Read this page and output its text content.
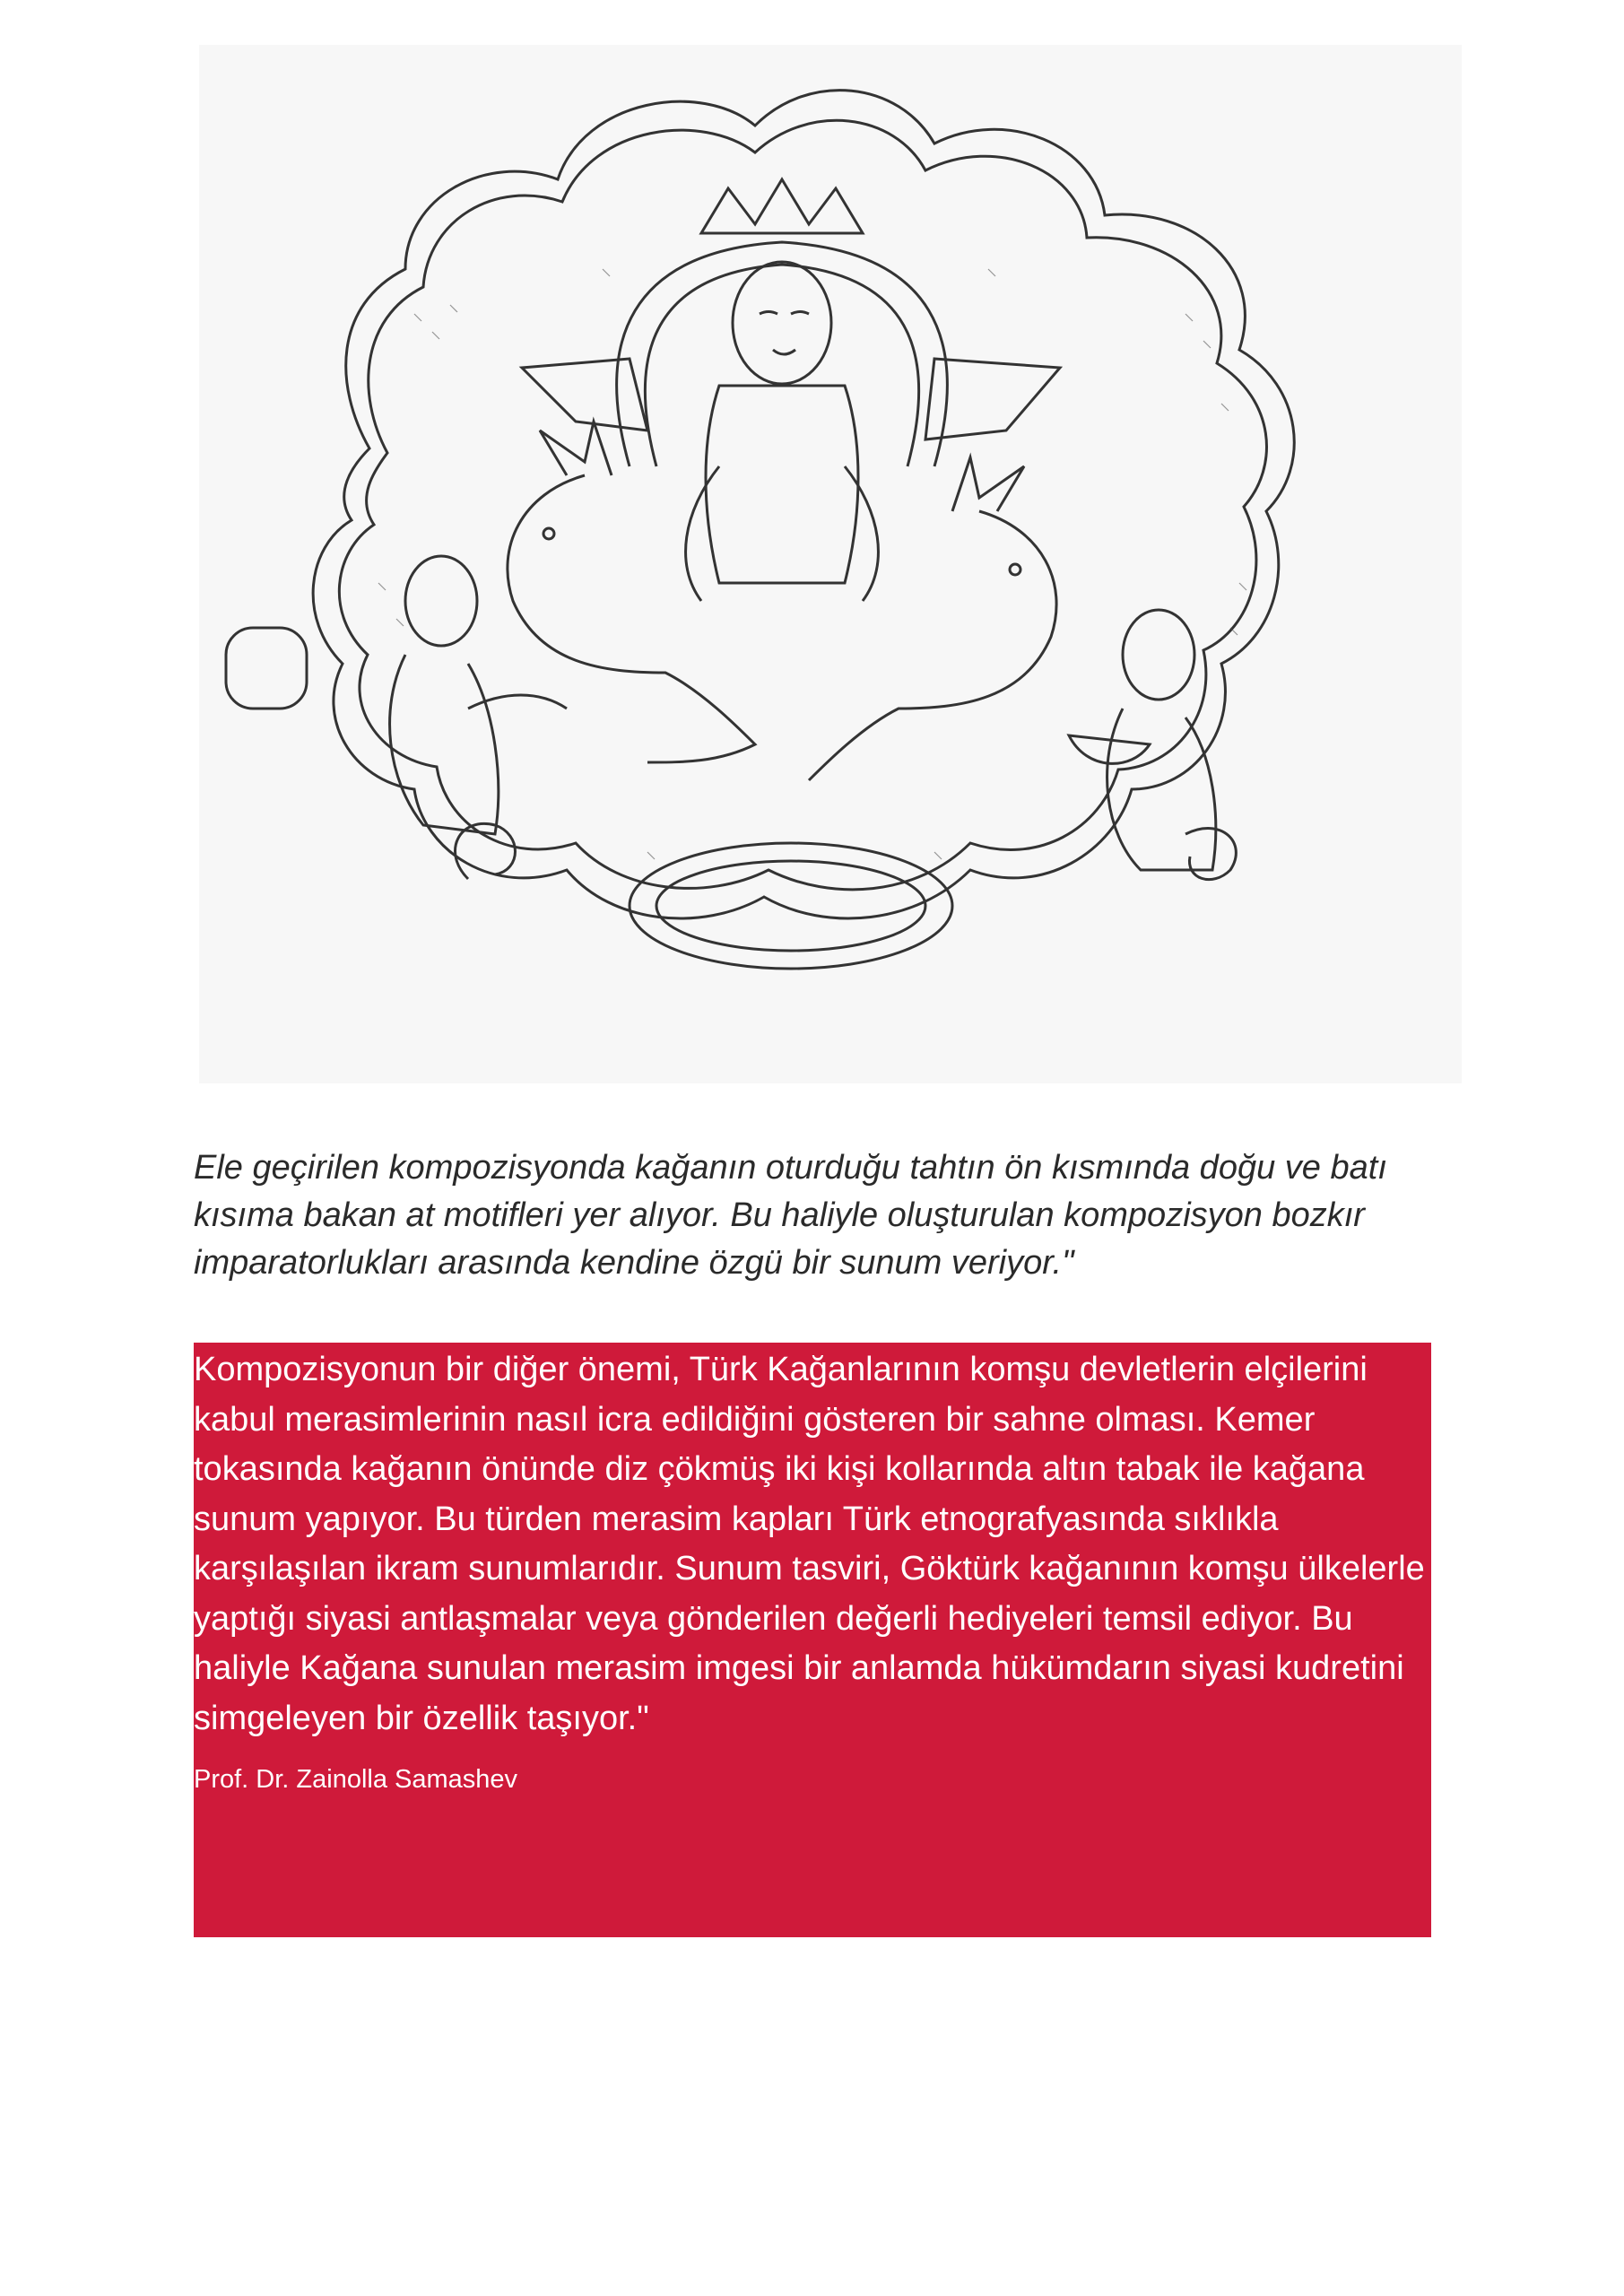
Ele geçirilen kompozisyonda kağanın oturduğu tahtın ön kısmında doğu ve batı kısıma bakan at motifleri yer alıyor. Bu haliyle oluşturulan kompozisyon bozkır imparatorlukları arasında kendine özgü bir sunum veriyor."

Kompozisyonun bir diğer önemi, Türk Kağanlarının komşu devletlerin elçilerini kabul merasimlerinin nasıl icra edildiğini gösteren bir sahne olması. Kemer tokasında kağanın önünde diz çökmüş iki kişi kollarında altın tabak ile kağana sunum yapıyor. Bu türden merasim kapları Türk etnografyasında sıklıkla karşılaşılan ikram sunumlarıdır. Sunum tasviri, Göktürk kağanının komşu ülkelerle yaptığı siyasi antlaşmalar veya gönderilen değerli hediyeleri temsil ediyor. Bu haliyle Kağana sunulan merasim imgesi bir anlamda hükümdarın siyasi kudretini simgeleyen bir özellik taşıyor."

Prof. Dr. Zainolla Samashev
